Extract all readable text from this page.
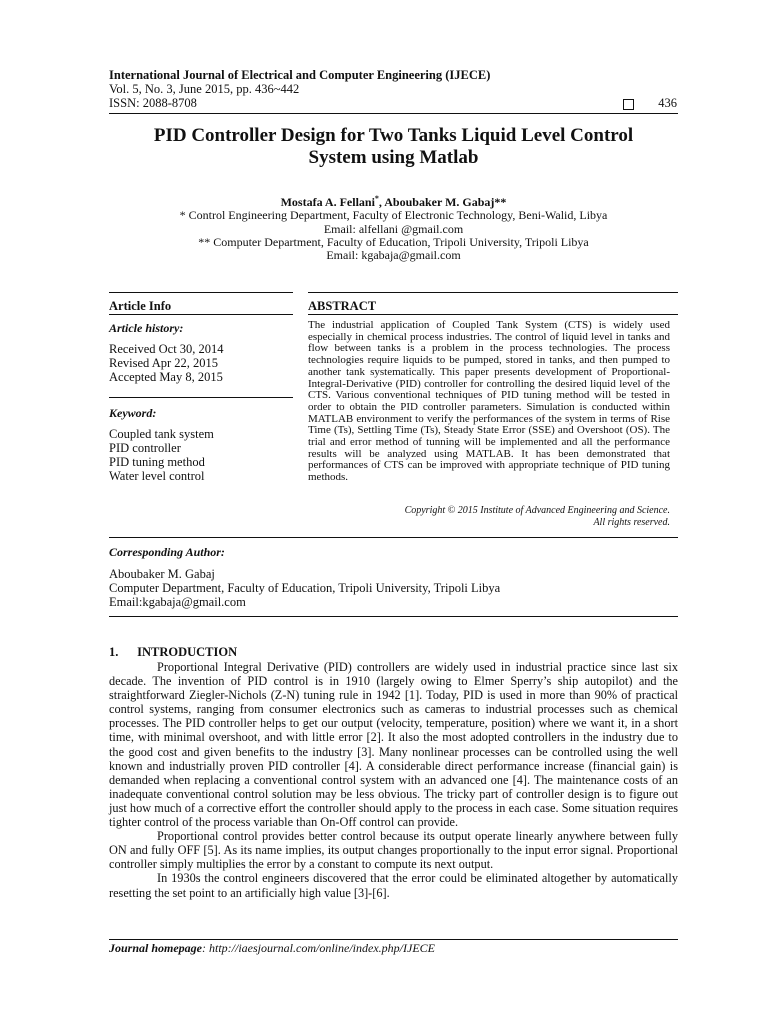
International Journal of Electrical and Computer Engineering (IJECE)
Vol. 5, No. 3, June 2015, pp. 436~442
ISSN: 2088-8708	436
PID Controller Design for Two Tanks Liquid Level Control
System using Matlab
Mostafa A. Fellani*, Aboubaker M. Gabaj**
* Control Engineering Department, Faculty of Electronic Technology, Beni-Walid, Libya
Email: alfellani @gmail.com
** Computer Department, Faculty of Education, Tripoli University, Tripoli Libya
Email: kgabaja@gmail.com
Article Info	ABSTRACT
Article history:
Received Oct 30, 2014
Revised Apr 22, 2015
Accepted May 8, 2015
Keyword:
Coupled tank system
PID controller
PID tuning method
Water level control
The industrial application of Coupled Tank System (CTS) is widely used especially in chemical process industries. The control of liquid level in tanks and flow between tanks is a problem in the process technologies. The process technologies require liquids to be pumped, stored in tanks, and then pumped to another tank systematically. This paper presents development of Proportional-Integral-Derivative (PID) controller for controlling the desired liquid level of the CTS. Various conventional techniques of PID tuning method will be tested in order to obtain the PID controller parameters. Simulation is conducted within MATLAB environment to verify the performances of the system in terms of Rise Time (Ts), Settling Time (Ts), Steady State Error (SSE) and Overshoot (OS). The trial and error method of tunning will be implemented and all the performance results will be analyzed using MATLAB. It has been demonstrated that performances of CTS can be improved with appropriate technique of PID tuning methods.
Copyright © 2015 Institute of Advanced Engineering and Science.
All rights reserved.
Corresponding Author:
Aboubaker M. Gabaj
Computer Department, Faculty of Education, Tripoli University, Tripoli Libya
Email:kgabaja@gmail.com
1.      INTRODUCTION

Proportional Integral Derivative (PID) controllers are widely used in industrial practice since last six decade. The invention of PID control is in 1910 (largely owing to Elmer Sperry’s ship autopilot) and the straightforward Ziegler-Nichols (Z-N) tuning rule in 1942 [1]. Today, PID is used in more than 90% of practical control systems, ranging from consumer electronics such as cameras to industrial processes such as chemical processes. The PID controller helps to get our output (velocity, temperature, position) where we want it, in a short time, with minimal overshoot, and with little error [2]. It also the most adopted controllers in the industry due to the good cost and given benefits to the industry [3]. Many nonlinear processes can be controlled using the well known and industrially proven PID controller [4]. A considerable direct performance increase (financial gain) is demanded when replacing a conventional control system with an advanced one [4]. The maintenance costs of an inadequate conventional control solution may be less obvious. The tricky part of controller design is to figure out just how much of a corrective effort the controller should apply to the process in each case. Some situation requires tighter control of the process variable than On-Off control can provide.

Proportional control provides better control because its output operate linearly anywhere between fully ON and fully OFF [5]. As its name implies, its output changes proportionally to the input error signal. Proportional controller simply multiplies the error by a constant to compute its next output.

In 1930s the control engineers discovered that the error could be eliminated altogether by automatically resetting the set point to an artificially high value [3]-[6].

Journal homepage: http://iaesjournal.com/online/index.php/IJECE
